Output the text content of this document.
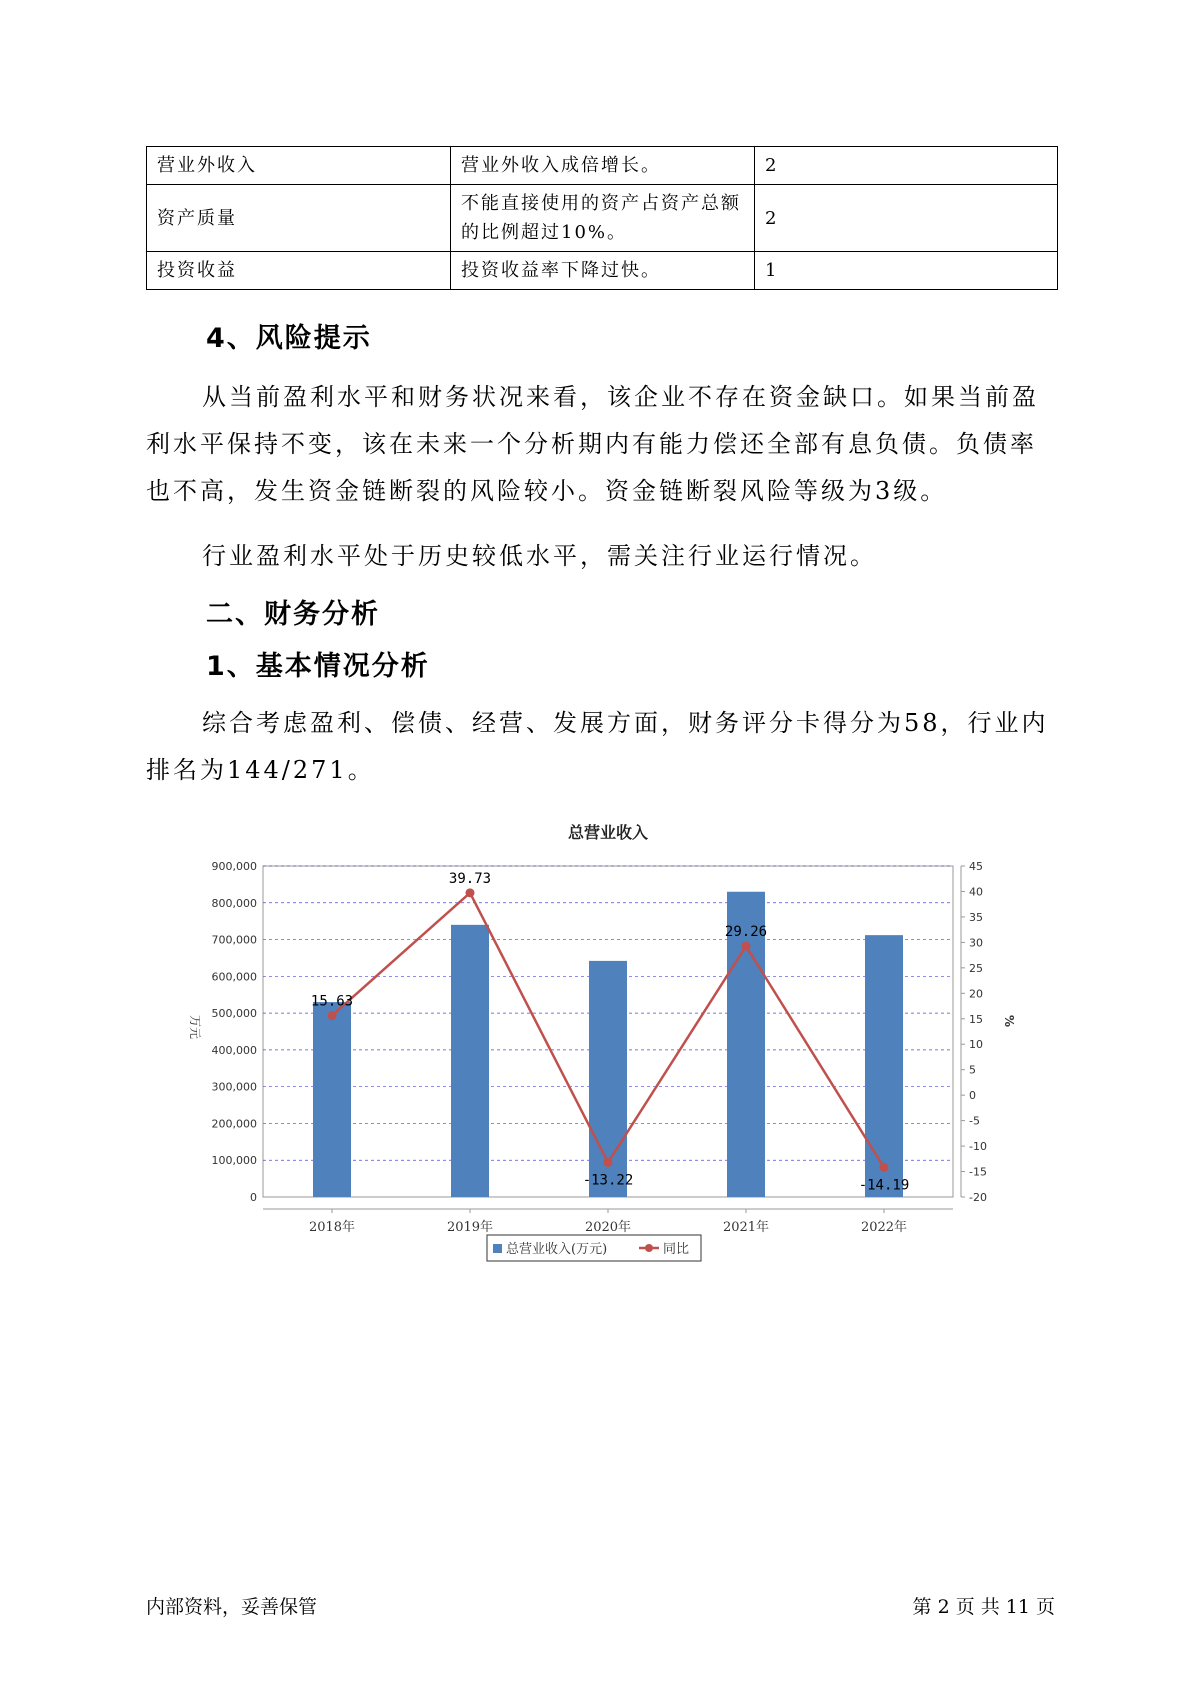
营业外收入	营业外收入成倍增长。	2
资产质量	不能直接使用的资产占资产总额的比例超过10%。	2
投资收益	投资收益率下降过快。	1
4、风险提示

从当前盈利水平和财务状况来看，该企业不存在资金缺口。如果当前盈利水平保持不变，该在未来一个分析期内有能力偿还全部有息负债。负债率也不高，发生资金链断裂的风险较小。资金链断裂风险等级为3级。

行业盈利水平处于历史较低水平，需关注行业运行情况。

二、财务分析
1、基本情况分析

综合考虑盈利、偿债、经营、发展方面，财务评分卡得分为58，行业内排名为144/271。

总营业收入
0
100,000
200,000
300,000
400,000
500,000
600,000
700,000
800,000
900,000
-20
-15
-10
-5
0
5
10
15
20
25
30
35
40
45
万元	%
2018年	2019年	2020年	2021年	2022年
15.63
39.73
-13.22
29.26
-14.19
总营业收入(万元)	同比
内部资料，妥善保管	第 2 页 共 11 页
